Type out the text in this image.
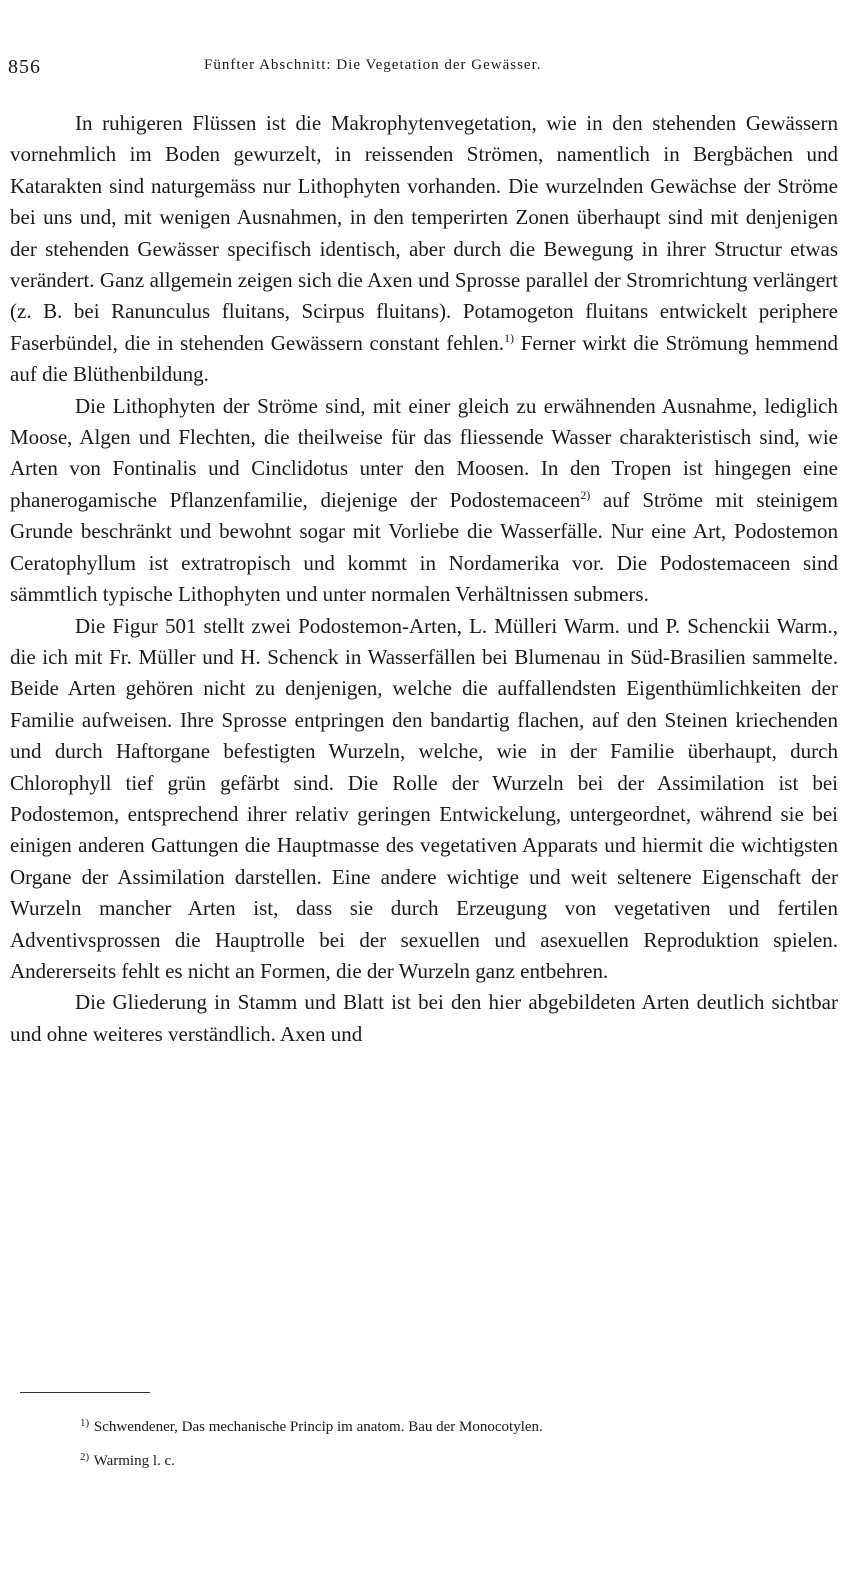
856	Fünfter Abschnitt: Die Vegetation der Gewässer.

In ruhigeren Flüssen ist die Makrophytenvegetation, wie in den stehenden Gewässern vornehmlich im Boden gewurzelt, in reissenden Strömen, namentlich in Bergbächen und Katarakten sind naturgemäss nur Lithophyten vorhanden. Die wurzelnden Gewächse der Ströme bei uns und, mit wenigen Ausnahmen, in den temperirten Zonen überhaupt sind mit denjenigen der stehenden Gewässer specifisch identisch, aber durch die Bewegung in ihrer Structur etwas verändert. Ganz allgemein zeigen sich die Axen und Sprosse parallel der Stromrichtung verlängert (z. B. bei Ranunculus fluitans, Scirpus fluitans). Potamogeton fluitans entwickelt periphere Faserbündel, die in stehenden Gewässern constant fehlen.$^{1)}$ Ferner wirkt die Strömung hemmend auf die Blüthenbildung.

Die Lithophyten der Ströme sind, mit einer gleich zu erwähnenden Ausnahme, lediglich Moose, Algen und Flechten, die theilweise für das fliessende Wasser charakteristisch sind, wie Arten von Fontinalis und Cinclidotus unter den Moosen. In den Tropen ist hingegen eine phanerogamische Pflanzenfamilie, diejenige der Podostemaceen$^{2)}$ auf Ströme mit steinigem Grunde beschränkt und bewohnt sogar mit Vorliebe die Wasserfälle. Nur eine Art, Podostemon Ceratophyllum ist extratropisch und kommt in Nordamerika vor. Die Podostemaceen sind sämmtlich typische Lithophyten und unter normalen Verhältnissen submers.

Die Figur 501 stellt zwei Podostemon-Arten, L. Mülleri Warm. und P. Schenckii Warm., die ich mit Fr. Müller und H. Schenck in Wasserfällen bei Blumenau in Süd-Brasilien sammelte. Beide Arten gehören nicht zu denjenigen, welche die auffallendsten Eigenthümlichkeiten der Familie aufweisen. Ihre Sprosse entpringen den bandartig flachen, auf den Steinen kriechenden und durch Haftorgane befestigten Wurzeln, welche, wie in der Familie überhaupt, durch Chlorophyll tief grün gefärbt sind. Die Rolle der Wurzeln bei der Assimilation ist bei Podostemon, entsprechend ihrer relativ geringen Entwickelung, untergeordnet, während sie bei einigen anderen Gattungen die Hauptmasse des vegetativen Apparats und hiermit die wichtigsten Organe der Assimilation darstellen. Eine andere wichtige und weit seltenere Eigenschaft der Wurzeln mancher Arten ist, dass sie durch Erzeugung von vegetativen und fertilen Adventivsprossen die Hauptrolle bei der sexuellen und asexuellen Reproduktion spielen. Andererseits fehlt es nicht an Formen, die der Wurzeln ganz entbehren.

Die Gliederung in Stamm und Blatt ist bei den hier abgebildeten Arten deutlich sichtbar und ohne weiteres verständlich. Axen und

$^{1)}$ Schwendener, Das mechanische Princip im anatom. Bau der Monocotylen.

$^{2)}$ Warming l. c.
